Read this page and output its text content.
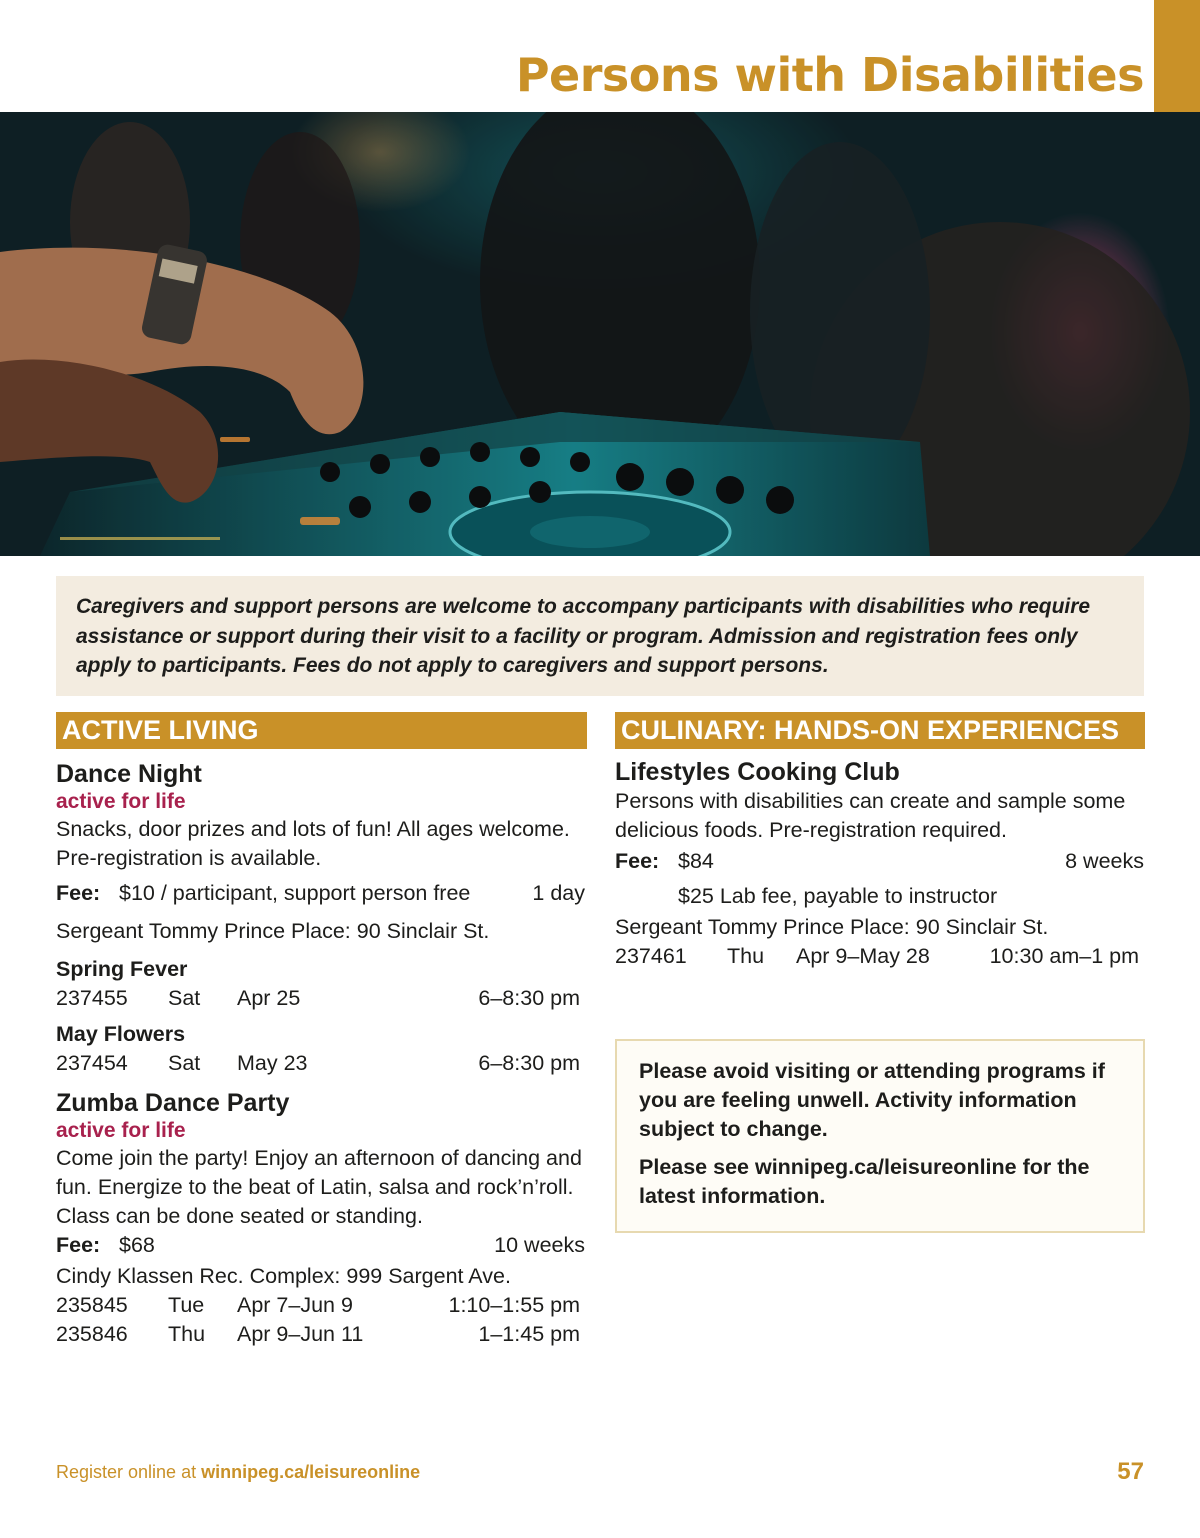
Persons with Disabilities
Caregivers and support persons are welcome to accompany participants with disabilities who require assistance or support during their visit to a facility or program. Admission and registration fees only apply to participants. Fees do not apply to caregivers and support persons.
ACTIVE LIVING
Dance Night
active for life
Snacks, door prizes and lots of fun! All ages welcome. Pre-registration is available.
Fee: $10 / participant, support person free	1 day
Sergeant Tommy Prince Place: 90 Sinclair St.
Spring Fever
237455 Sat Apr 25	6–8:30 pm
May Flowers
237454 Sat May 23	6–8:30 pm
Zumba Dance Party
active for life
Come join the party! Enjoy an afternoon of dancing and fun. Energize to the beat of Latin, salsa and rock’n’roll. Class can be done seated or standing.
Fee: $68	10 weeks
Cindy Klassen Rec. Complex: 999 Sargent Ave.
235845 Tue Apr 7–Jun 9	1:10–1:55 pm
235846 Thu Apr 9–Jun 11	1–1:45 pm
CULINARY: HANDS-ON EXPERIENCES
Lifestyles Cooking Club
Persons with disabilities can create and sample some delicious foods. Pre-registration required.
Fee: $84	8 weeks
$25 Lab fee, payable to instructor
Sergeant Tommy Prince Place: 90 Sinclair St.
237461 Thu Apr 9–May 28	10:30 am–1 pm
Please avoid visiting or attending programs if you are feeling unwell. Activity information subject to change.
Please see winnipeg.ca/leisureonline for the latest information.
Register online at winnipeg.ca/leisureonline	57
